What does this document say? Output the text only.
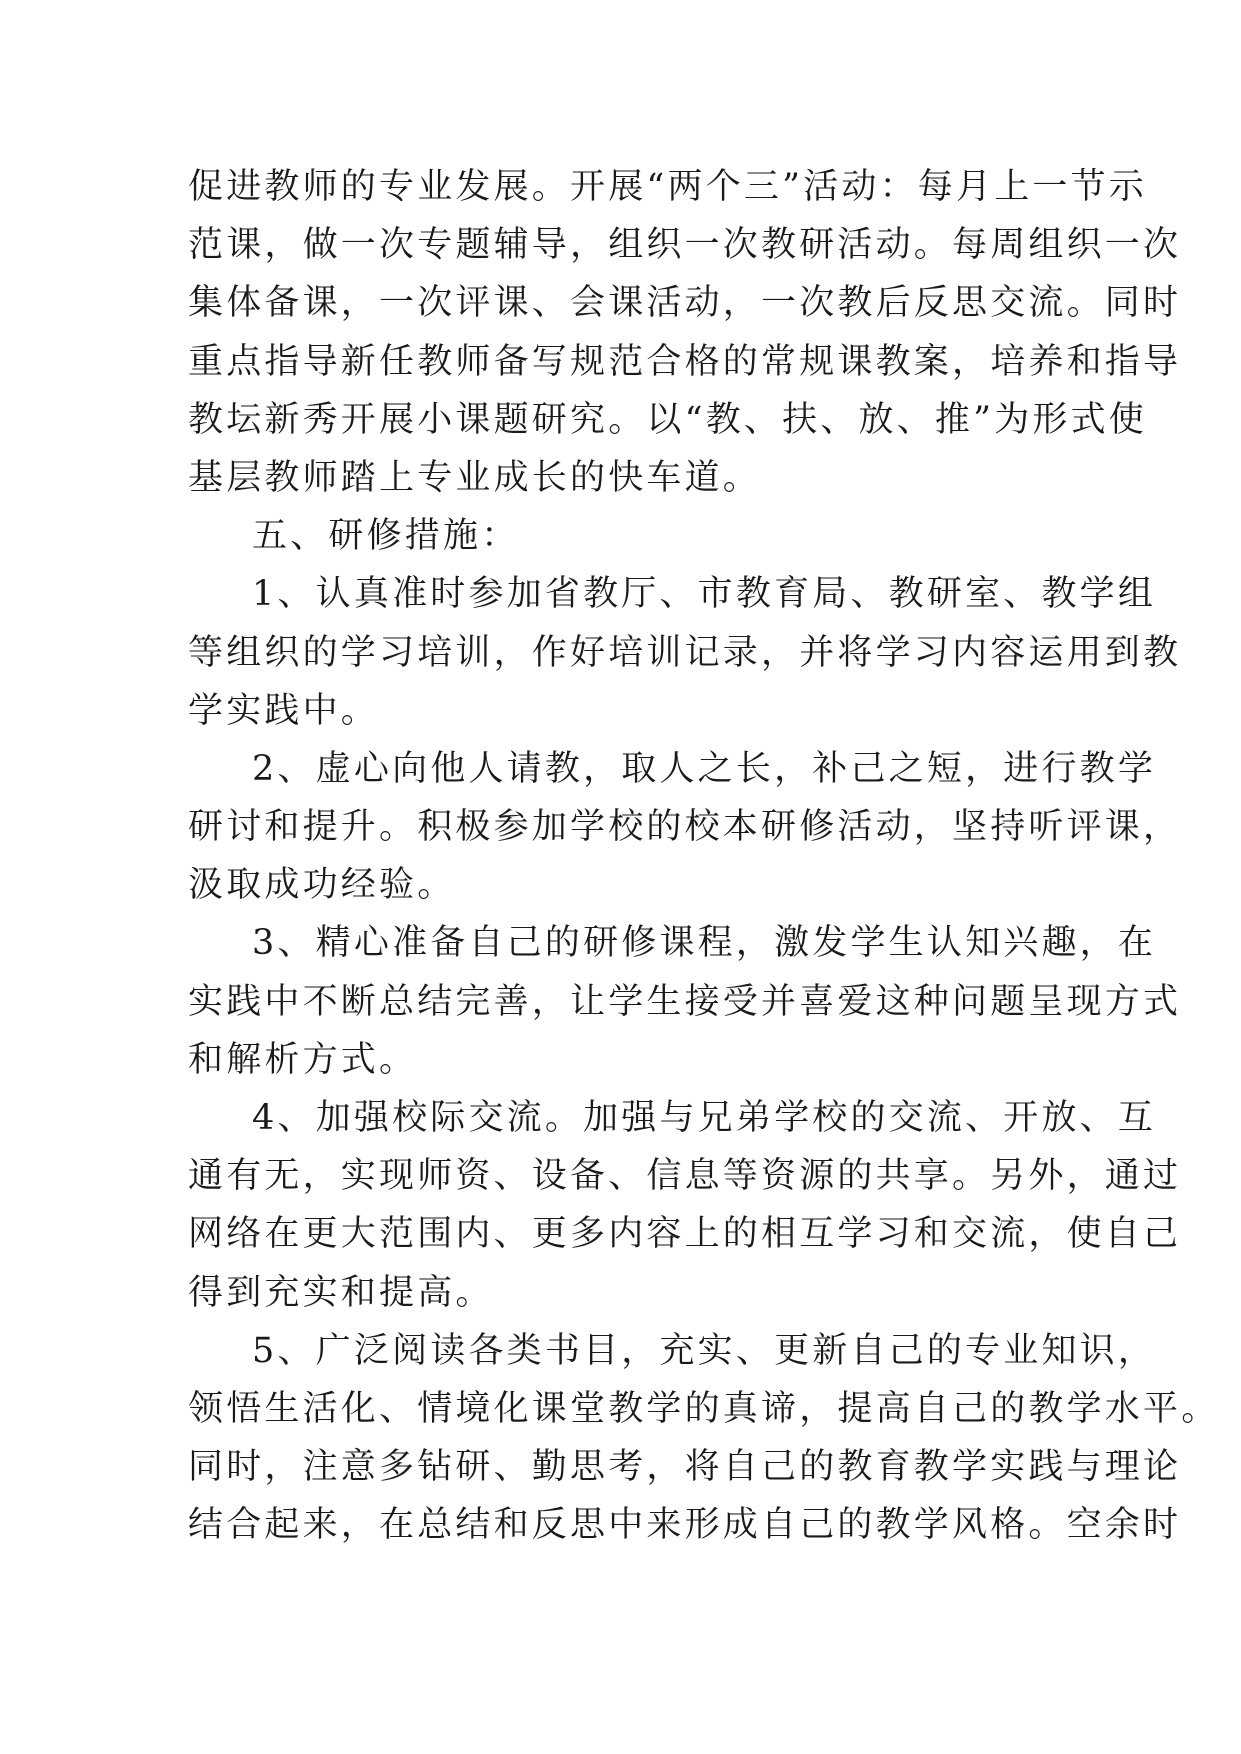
促进教师的专业发展。开展“两个三”活动：每月上一节示
范课，做一次专题辅导，组织一次教研活动。每周组织一次
集体备课，一次评课、会课活动，一次教后反思交流。同时
重点指导新任教师备写规范合格的常规课教案，培养和指导
教坛新秀开展小课题研究。以“教、扶、放、推”为形式使
基层教师踏上专业成长的快车道。
五、研修措施：
1、认真准时参加省教厅、市教育局、教研室、教学组
等组织的学习培训，作好培训记录，并将学习内容运用到教
学实践中。
2、虚心向他人请教，取人之长，补己之短，进行教学
研讨和提升。积极参加学校的校本研修活动，坚持听评课，
汲取成功经验。
3、精心准备自己的研修课程，激发学生认知兴趣，在
实践中不断总结完善，让学生接受并喜爱这种问题呈现方式
和解析方式。
4、加强校际交流。加强与兄弟学校的交流、开放、互
通有无，实现师资、设备、信息等资源的共享。另外，通过
网络在更大范围内、更多内容上的相互学习和交流，使自己
得到充实和提高。
5、广泛阅读各类书目，充实、更新自己的专业知识，
领悟生活化、情境化课堂教学的真谛，提高自己的教学水平。
同时，注意多钻研、勤思考，将自己的教育教学实践与理论
结合起来，在总结和反思中来形成自己的教学风格。空余时
